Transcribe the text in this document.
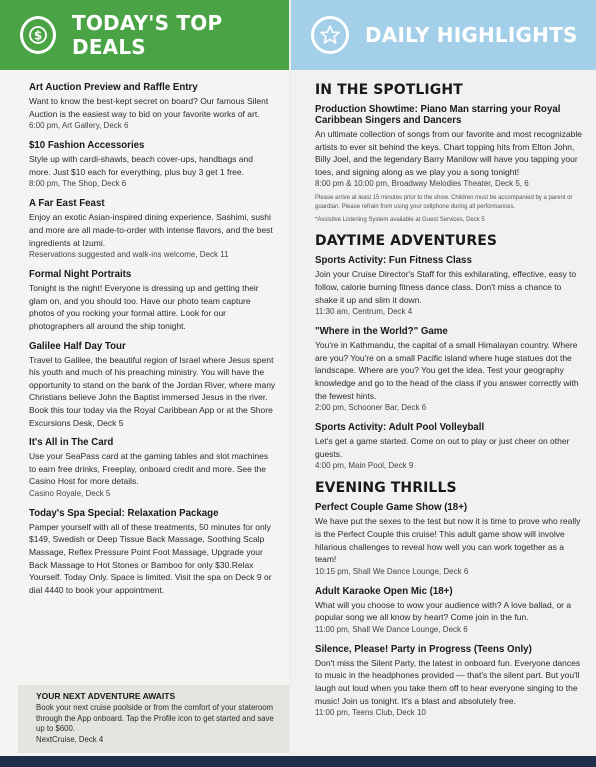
$
TODAY'S TOP DEALS
Art Auction Preview and Raffle Entry
Want to know the best-kept secret on board? Our famous Silent Auction is the easiest way to bid on your favorite works of art.
6:00 pm, Art Gallery, Deck 6
$10 Fashion Accessories
Style up with cardi-shawls, beach cover-ups, handbags and more. Just $10 each for everything, plus buy 3 get 1 free.
8:00 pm, The Shop, Deck 6
A Far East Feast
Enjoy an exotic Asian-inspired dining experience. Sashimi, sushi and more are all made-to-order with intense flavors, and the best ingredients at Izumi.
Reservations suggested and walk-ins welcome, Deck 11
Formal Night Portraits
Tonight is the night! Everyone is dressing up and getting their glam on, and you should too. Have our photo team capture photos of you rocking your formal attire. Look for our photographers all around the ship tonight.
Galilee Half Day Tour
Travel to Galilee, the beautiful region of Israel where Jesus spent his youth and much of his preaching ministry. You will have the opportunity to stand on the bank of the Jordan River, where many Christians believe John the Baptist immersed Jesus in the river. Book this tour today via the Royal Caribbean App or at the Shore Excursions Desk, Deck 5
It's All in The Card
Use your SeaPass card at the gaming tables and slot machines to earn free drinks, Freeplay, onboard credit and more. See the Casino Host for more details.
Casino Royale, Deck 5
Today's Spa Special: Relaxation Package
Pamper yourself with all of these treatments, 50 minutes for only $149, Swedish or Deep Tissue Back Massage, Soothing Scalp Massage, Reflex Pressure Point Foot Massage, Upgrade your Back Massage to Hot Stones or Bamboo for only $30.Relax Yourself. Today Only. Space is limited. Visit the spa on Deck 9 or dial 4440 to book your appointment.
YOUR NEXT ADVENTURE AWAITS
Book your next cruise poolside or from the comfort of your stateroom through the App onboard. Tap the Profile icon to get started and save up to $600.
NextCruise, Deck 4
DAILY HIGHLIGHTS
IN THE SPOTLIGHT
Production Showtime: Piano Man starring your Royal Caribbean Singers and Dancers
An ultimate collection of songs from our favorite and most recognizable artists to ever sit behind the keys. Chart topping hits from Elton John, Billy Joel, and the legendary Barry Manilow will have you tapping your toes, and signing along as we play you a song tonight!
8:00 pm & 10:00 pm, Broadway Melodies Theater, Deck 5, 6
Please arrive at least 15 minutes prior to the show. Children must be accompanied by a parent or guardian. Please refrain from using your cellphone during all performances.
*Assistive Listening System available at Guest Services, Deck 5
DAYTIME ADVENTURES
Sports Activity: Fun Fitness Class
Join your Cruise Director's Staff for this exhilarating, effective, easy to follow, calorie burning fitness dance class. Don't miss a chance to shake it up and slim it down.
11:30 am, Centrum, Deck 4
"Where in the World?" Game
You're in Kathmandu, the capital of a small Himalayan country. Where are you? You're on a small Pacific island where huge statues dot the landscape. Where are you? You get the idea. Test your geography knowledge and go to the head of the class if you answer correctly with the fewest hints.
2:00 pm, Schooner Bar, Deck 6
Sports Activity: Adult Pool Volleyball
Let's get a game started. Come on out to play or just cheer on other guests.
4:00 pm, Main Pool, Deck 9
EVENING THRILLS
Perfect Couple Game Show (18+)
We have put the sexes to the test but now it is time to prove who really is the Perfect Couple this cruise! This adult game show will involve hilarious challenges to reveal how well you can work together as a team!
10:15 pm, Shall We Dance Lounge, Deck 6
Adult Karaoke Open Mic (18+)
What will you choose to wow your audience with? A love ballad, or a popular song we all know by heart? Come join in the fun.
11:00 pm, Shall We Dance Lounge, Deck 6
Silence, Please! Party in Progress (Teens Only)
Don't miss the Silent Party, the latest in onboard fun. Everyone dances to music in the headphones provided — that's the silent part. But you'll laugh out loud when you take them off to hear everyone singing to the music! Join us tonight. It's a blast and absolutely free.
11:00 pm, Teens Club, Deck 10
